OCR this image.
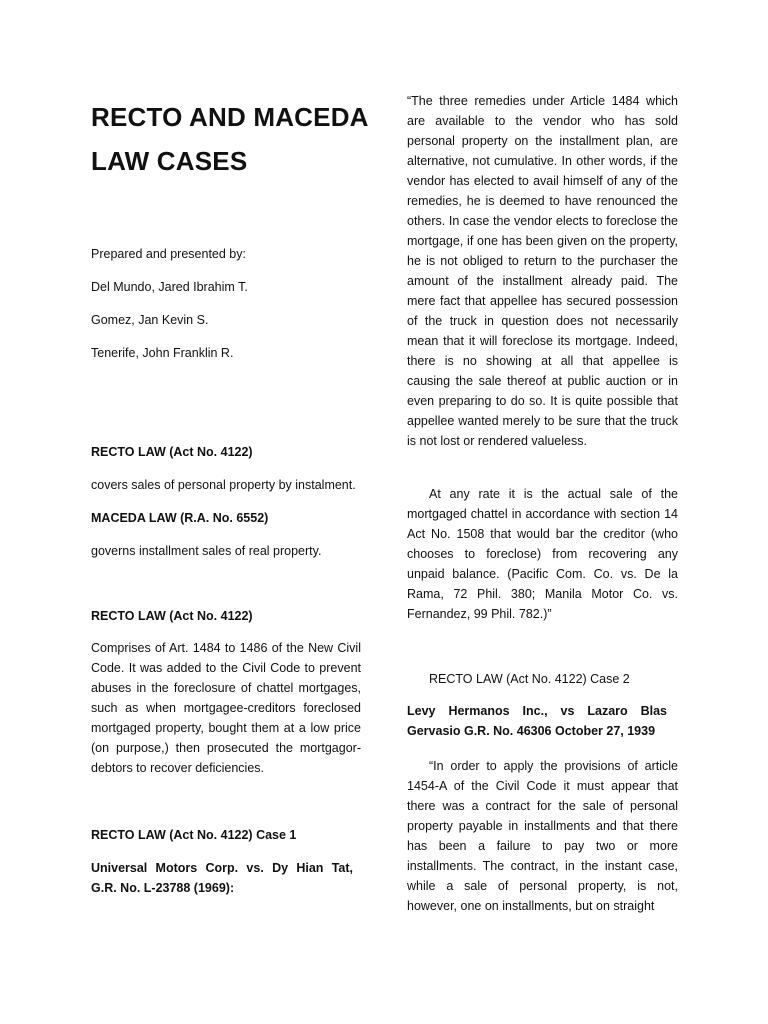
RECTO AND MACEDA LAW CASES

Prepared and presented by:

Del Mundo, Jared Ibrahim T.

Gomez, Jan Kevin S.

Tenerife, John Franklin R.

RECTO LAW (Act No. 4122)

covers sales of personal property by instalment.

MACEDA LAW (R.A. No. 6552)

governs installment sales of real property.

RECTO LAW (Act No. 4122)

Comprises of Art. 1484 to 1486 of the New Civil Code. It was added to the Civil Code to prevent abuses in the foreclosure of chattel mortgages, such as when mortgagee-creditors foreclosed mortgaged property, bought them at a low price (on purpose,) then prosecuted the mortgagor-debtors to recover deficiencies.

RECTO LAW (Act No. 4122) Case 1

Universal Motors Corp. vs. Dy Hian Tat, G.R. No. L-23788 (1969):

“The three remedies under Article 1484 which are available to the vendor who has sold personal property on the installment plan, are alternative, not cumulative. In other words, if the vendor has elected to avail himself of any of the remedies, he is deemed to have renounced the others. In case the vendor elects to foreclose the mortgage, if one has been given on the property, he is not obliged to return to the purchaser the amount of the installment already paid. The mere fact that appellee has secured possession of the truck in question does not necessarily mean that it will foreclose its mortgage. Indeed, there is no showing at all that appellee is causing the sale thereof at public auction or in even preparing to do so. It is quite possible that appellee wanted merely to be sure that the truck is not lost or rendered valueless.

At any rate it is the actual sale of the mortgaged chattel in accordance with section 14 Act No. 1508 that would bar the creditor (who chooses to foreclose) from recovering any unpaid balance. (Pacific Com. Co. vs. De la Rama, 72 Phil. 380; Manila Motor Co. vs. Fernandez, 99 Phil. 782.)”

RECTO LAW (Act No. 4122) Case 2

Levy Hermanos Inc., vs Lazaro Blas Gervasio G.R. No. 46306 October 27, 1939

“In order to apply the provisions of article 1454-A of the Civil Code it must appear that there was a contract for the sale of personal property payable in installments and that there has been a failure to pay two or more installments. The contract, in the instant case, while a sale of personal property, is not, however, one on installments, but on straight
